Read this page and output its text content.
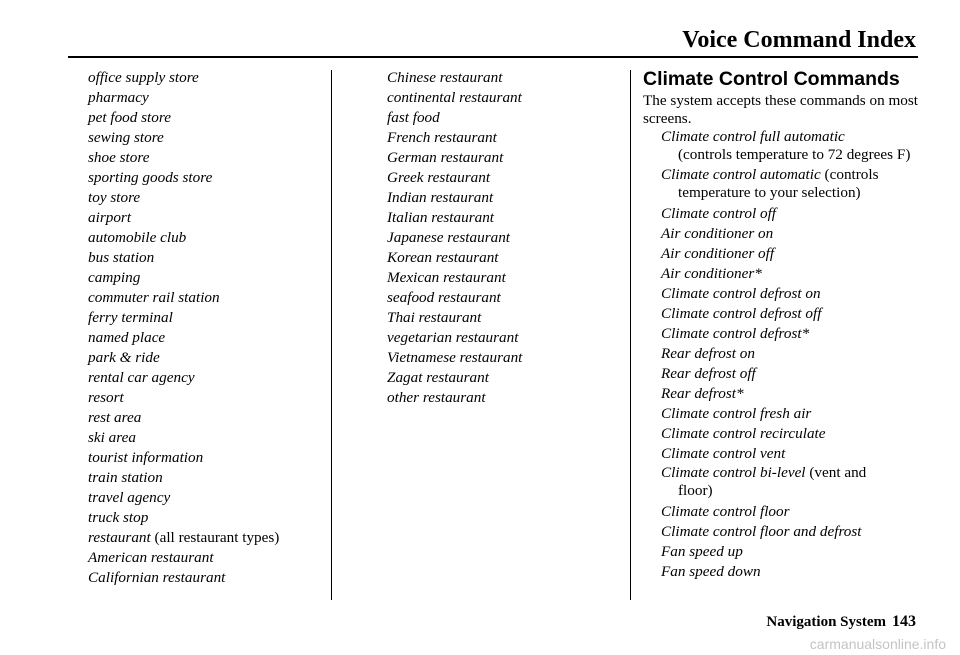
Voice Command Index
office supply store
pharmacy
pet food store
sewing store
shoe store
sporting goods store
toy store
airport
automobile club
bus station
camping
commuter rail station
ferry terminal
named place
park & ride
rental car agency
resort
rest area
ski area
tourist information
train station
travel agency
truck stop
restaurant (all restaurant types)
American restaurant
Californian restaurant
Chinese restaurant
continental restaurant
fast food
French restaurant
German restaurant
Greek restaurant
Indian restaurant
Italian restaurant
Japanese restaurant
Korean restaurant
Mexican restaurant
seafood restaurant
Thai restaurant
vegetarian restaurant
Vietnamese restaurant
Zagat restaurant
other restaurant
Climate Control Commands
The system accepts these commands on most screens.
Climate control full automatic
(controls temperature to 72 degrees F)
Climate control automatic (controls
temperature to your selection)
Climate control off
Air conditioner on
Air conditioner off
Air conditioner*
Climate control defrost on
Climate control defrost off
Climate control defrost*
Rear defrost on
Rear defrost off
Rear defrost*
Climate control fresh air
Climate control recirculate
Climate control vent
Climate control bi-level (vent and
floor)
Climate control floor
Climate control floor and defrost
Fan speed up
Fan speed down
Navigation System 143
carmanualsonline.info
